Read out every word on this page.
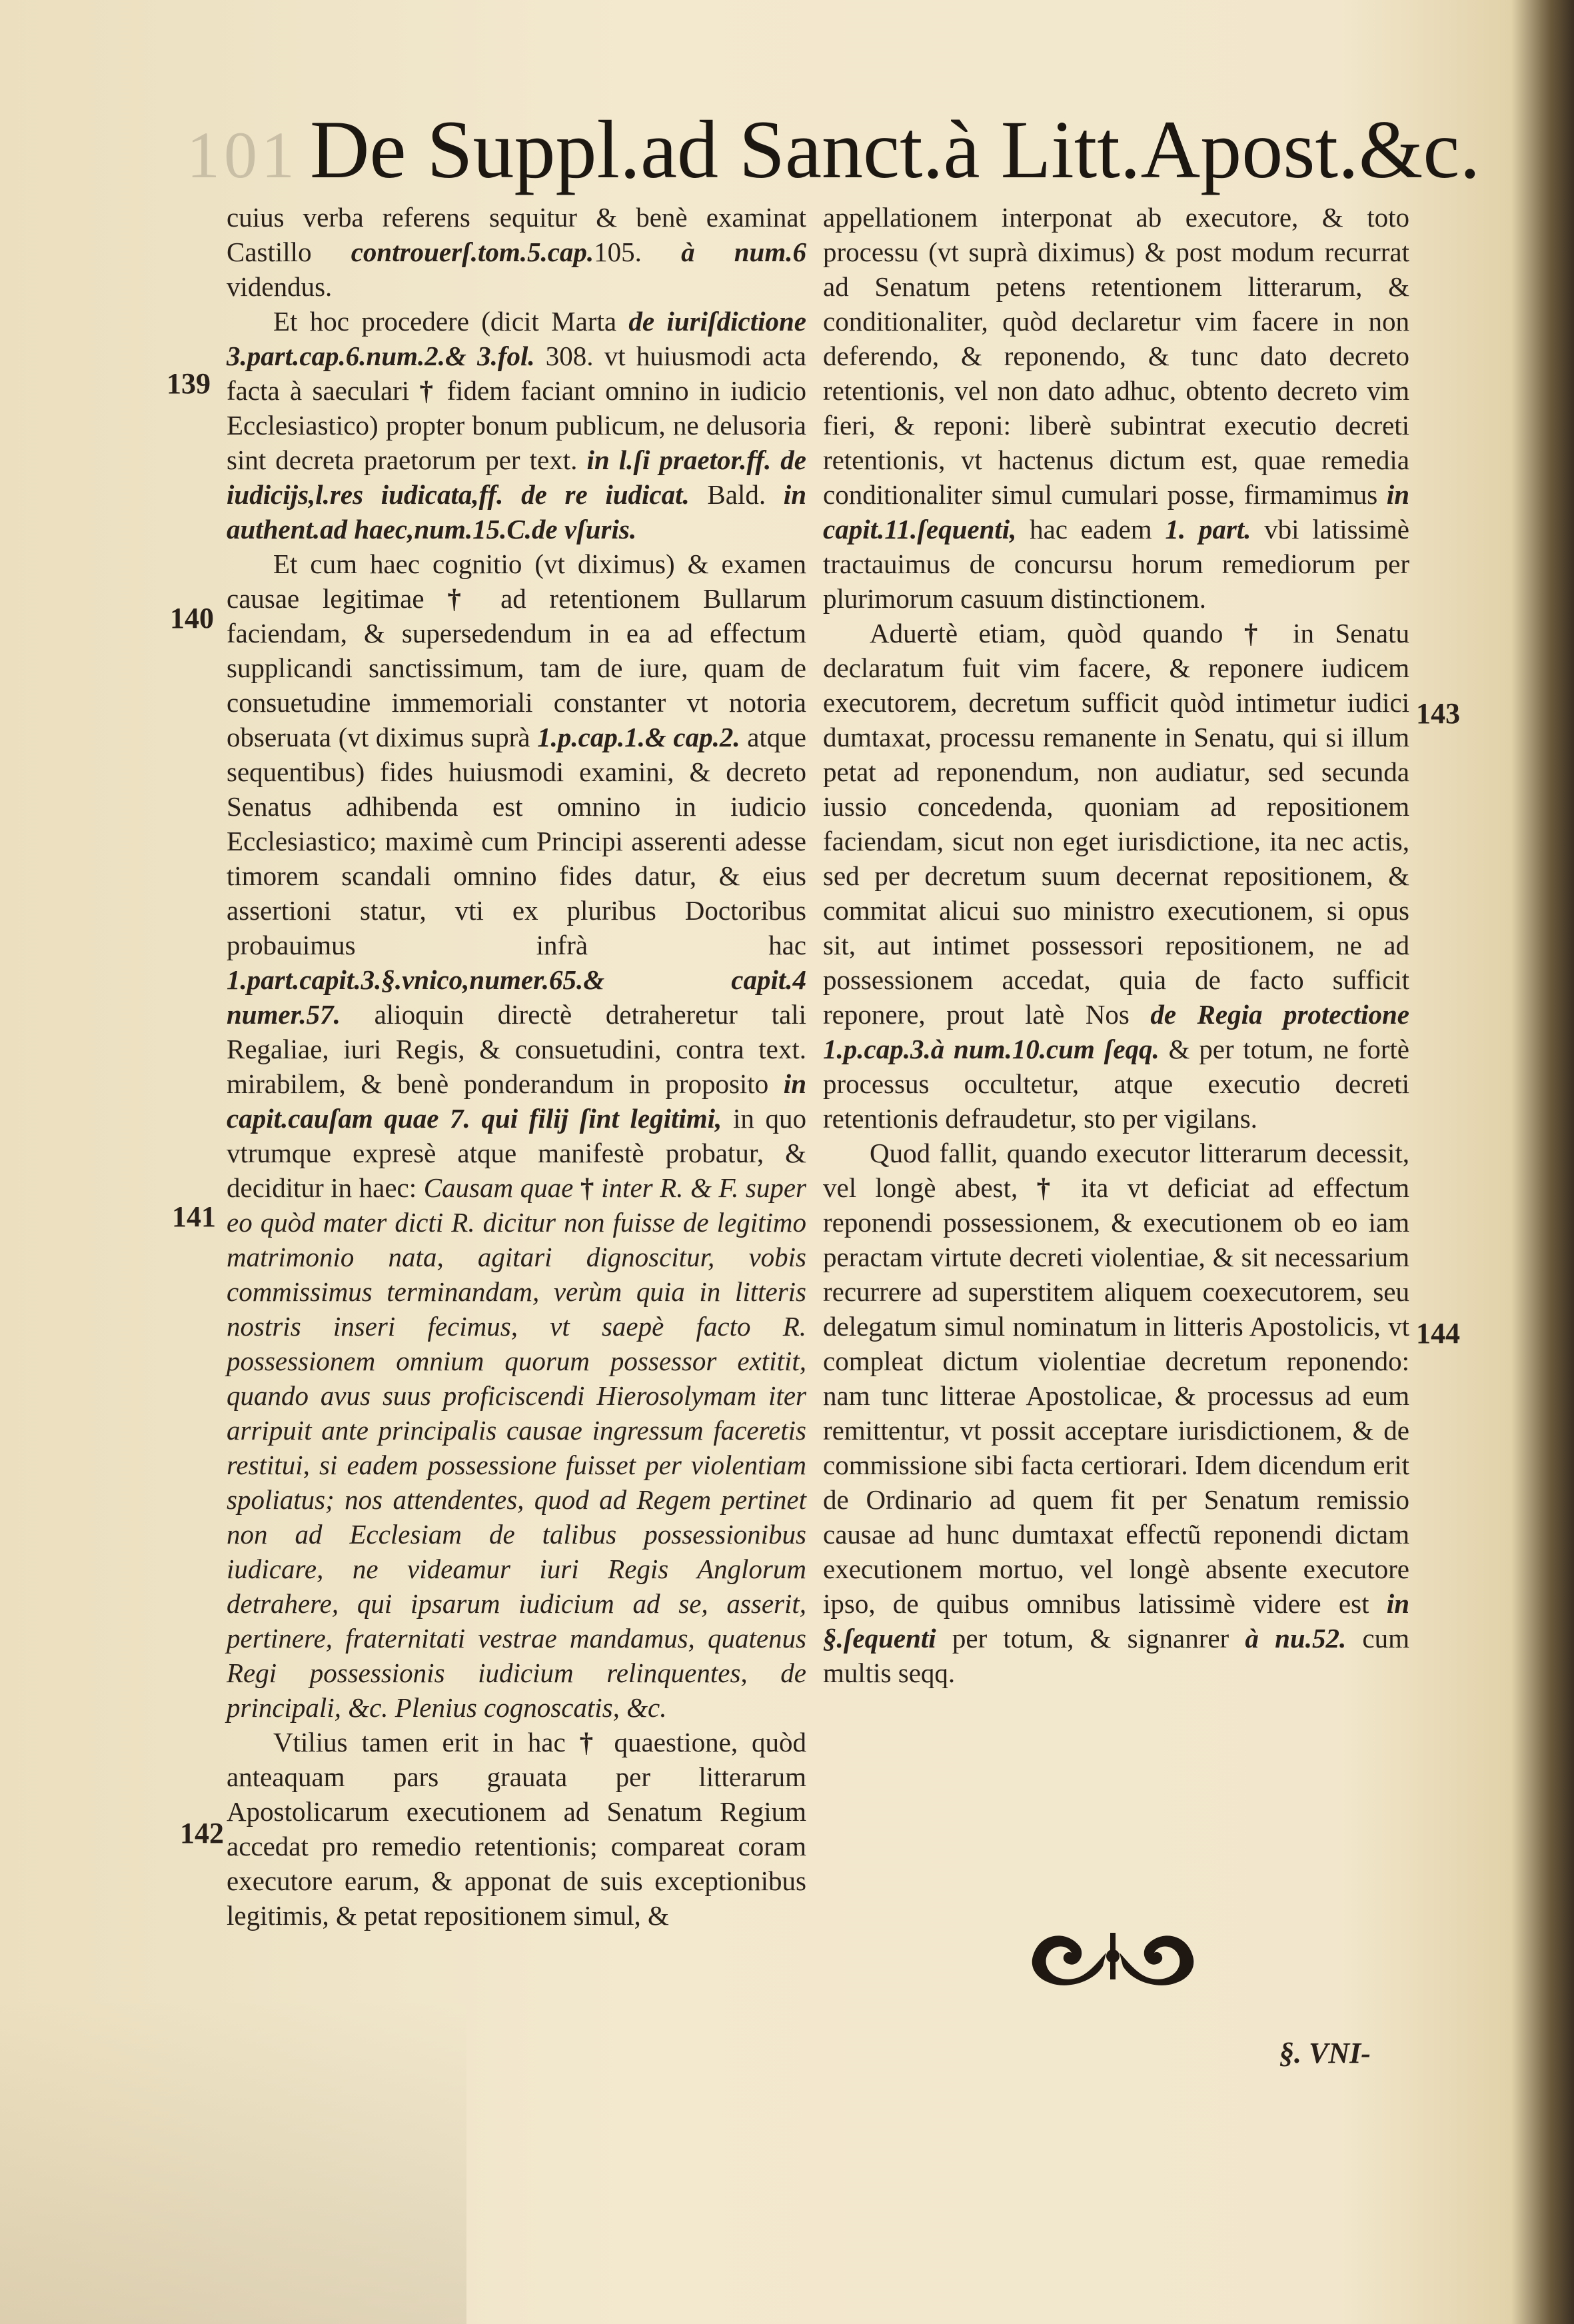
101 De Suppl.ad Sanct.à Litt.Apost.&c.
139
140
141
142
143
144

cuius verba referens sequitur & benè examinat Castillo controuerſ.tom.5.cap.105. à num.6 videndus.

Et hoc procedere (dicit Marta de iuriſdictione 3.part.cap.6.num.2.& 3.fol. 308. vt huiusmodi acta facta à saeculari † fidem faciant omnino in iudicio Ecclesiastico) propter bonum publicum, ne delusoria sint decreta praetorum per text. in l.ſi praetor.ff. de iudicijs,l.res iudicata,ff. de re iudicat. Bald. in authent.ad haec,num.15.C.de vſuris.

Et cum haec cognitio (vt diximus) & examen causae legitimae † ad retentionem Bullarum faciendam, & supersedendum in ea ad effectum supplicandi sanctissimum, tam de iure, quam de consuetudine immemoriali constanter vt notoria obseruata (vt diximus suprà 1.p.cap.1.& cap.2. atque sequentibus) fides huiusmodi examini, & decreto Senatus adhibenda est omnino in iudicio Ecclesiastico; maximè cum Principi asserenti adesse timorem scandali omnino fides datur, & eius assertioni statur, vti ex pluribus Doctoribus probauimus infrà hac 1.part.capit.3.§.vnico,numer.65.& capit.4 numer.57. alioquin directè detraheretur tali Regaliae, iuri Regis, & consuetudini, contra text. mirabilem, & benè ponderandum in proposito in capit.cauſam quae 7. qui filij ſint legitimi, in quo vtrumque expresè atque manifestè probatur, & deciditur in haec: Causam quae † inter R. & F. super eo quòd mater dicti R. dicitur non fuisse de legitimo matrimonio nata, agitari dignoscitur, vobis commissimus terminandam, verùm quia in litteris nostris inseri fecimus, vt saepè facto R. possessionem omnium quorum possessor extitit, quando avus suus proficiscendi Hierosolymam iter arripuit ante principalis causae ingressum faceretis restitui, si eadem possessione fuisset per violentiam spoliatus; nos attendentes, quod ad Regem pertinet non ad Ecclesiam de talibus possessionibus iudicare, ne videamur iuri Regis Anglorum detrahere, qui ipsarum iudicium ad se, asserit, pertinere, fraternitati vestrae mandamus, quatenus Regi possessionis iudicium relinquentes, de principali, &c. Plenius cognoscatis, &c.

Vtilius tamen erit in hac † quaestione, quòd anteaquam pars grauata per litterarum Apostolicarum executionem ad Senatum Regium accedat pro remedio retentionis; compareat coram executore earum, & apponat de suis exceptionibus legitimis, & petat repositionem simul, &

appellationem interponat ab executore, & toto processu (vt suprà diximus) & post modum recurrat ad Senatum petens retentionem litterarum, & conditionaliter, quòd declaretur vim facere in non deferendo, & reponendo, & tunc dato decreto retentionis, vel non dato adhuc, obtento decreto vim fieri, & reponi: liberè subintrat executio decreti retentionis, vt hactenus dictum est, quae remedia conditionaliter simul cumulari posse, firmamimus in capit.11.ſequenti, hac eadem 1. part. vbi latissimè tractauimus de concursu horum remediorum per plurimorum casuum distinctionem.

Aduertè etiam, quòd quando † in Senatu declaratum fuit vim facere, & reponere iudicem executorem, decretum sufficit quòd intimetur iudici dumtaxat, processu remanente in Senatu, qui si illum petat ad reponendum, non audiatur, sed secunda iussio concedenda, quoniam ad repositionem faciendam, sicut non eget iurisdictione, ita nec actis, sed per decretum suum decernat repositionem, & commitat alicui suo ministro executionem, si opus sit, aut intimet possessori repositionem, ne ad possessionem accedat, quia de facto sufficit reponere, prout latè Nos de Regia protectione 1.p.cap.3.à num.10.cum ſeqq. & per totum, ne fortè processus occultetur, atque executio decreti retentionis defraudetur, sto per vigilans.

Quod fallit, quando executor litterarum decessit, vel longè abest, † ita vt deficiat ad effectum reponendi possessionem, & executionem ob eo iam peractam virtute decreti violentiae, & sit necessarium recurrere ad superstitem aliquem coexecutorem, seu delegatum simul nominatum in litteris Apostolicis, vt compleat dictum violentiae decretum reponendo: nam tunc litterae Apostolicae, & processus ad eum remittentur, vt possit acceptare iurisdictionem, & de commissione sibi facta certiorari. Idem dicendum erit de Ordinario ad quem fit per Senatum remissio causae ad hunc dumtaxat effectũ reponendi dictam executionem mortuo, vel longè absente executore ipso, de quibus omnibus latissimè videre est in §.ſequenti per totum, & signanrer à nu.52. cum multis seqq.

§. VNI-
